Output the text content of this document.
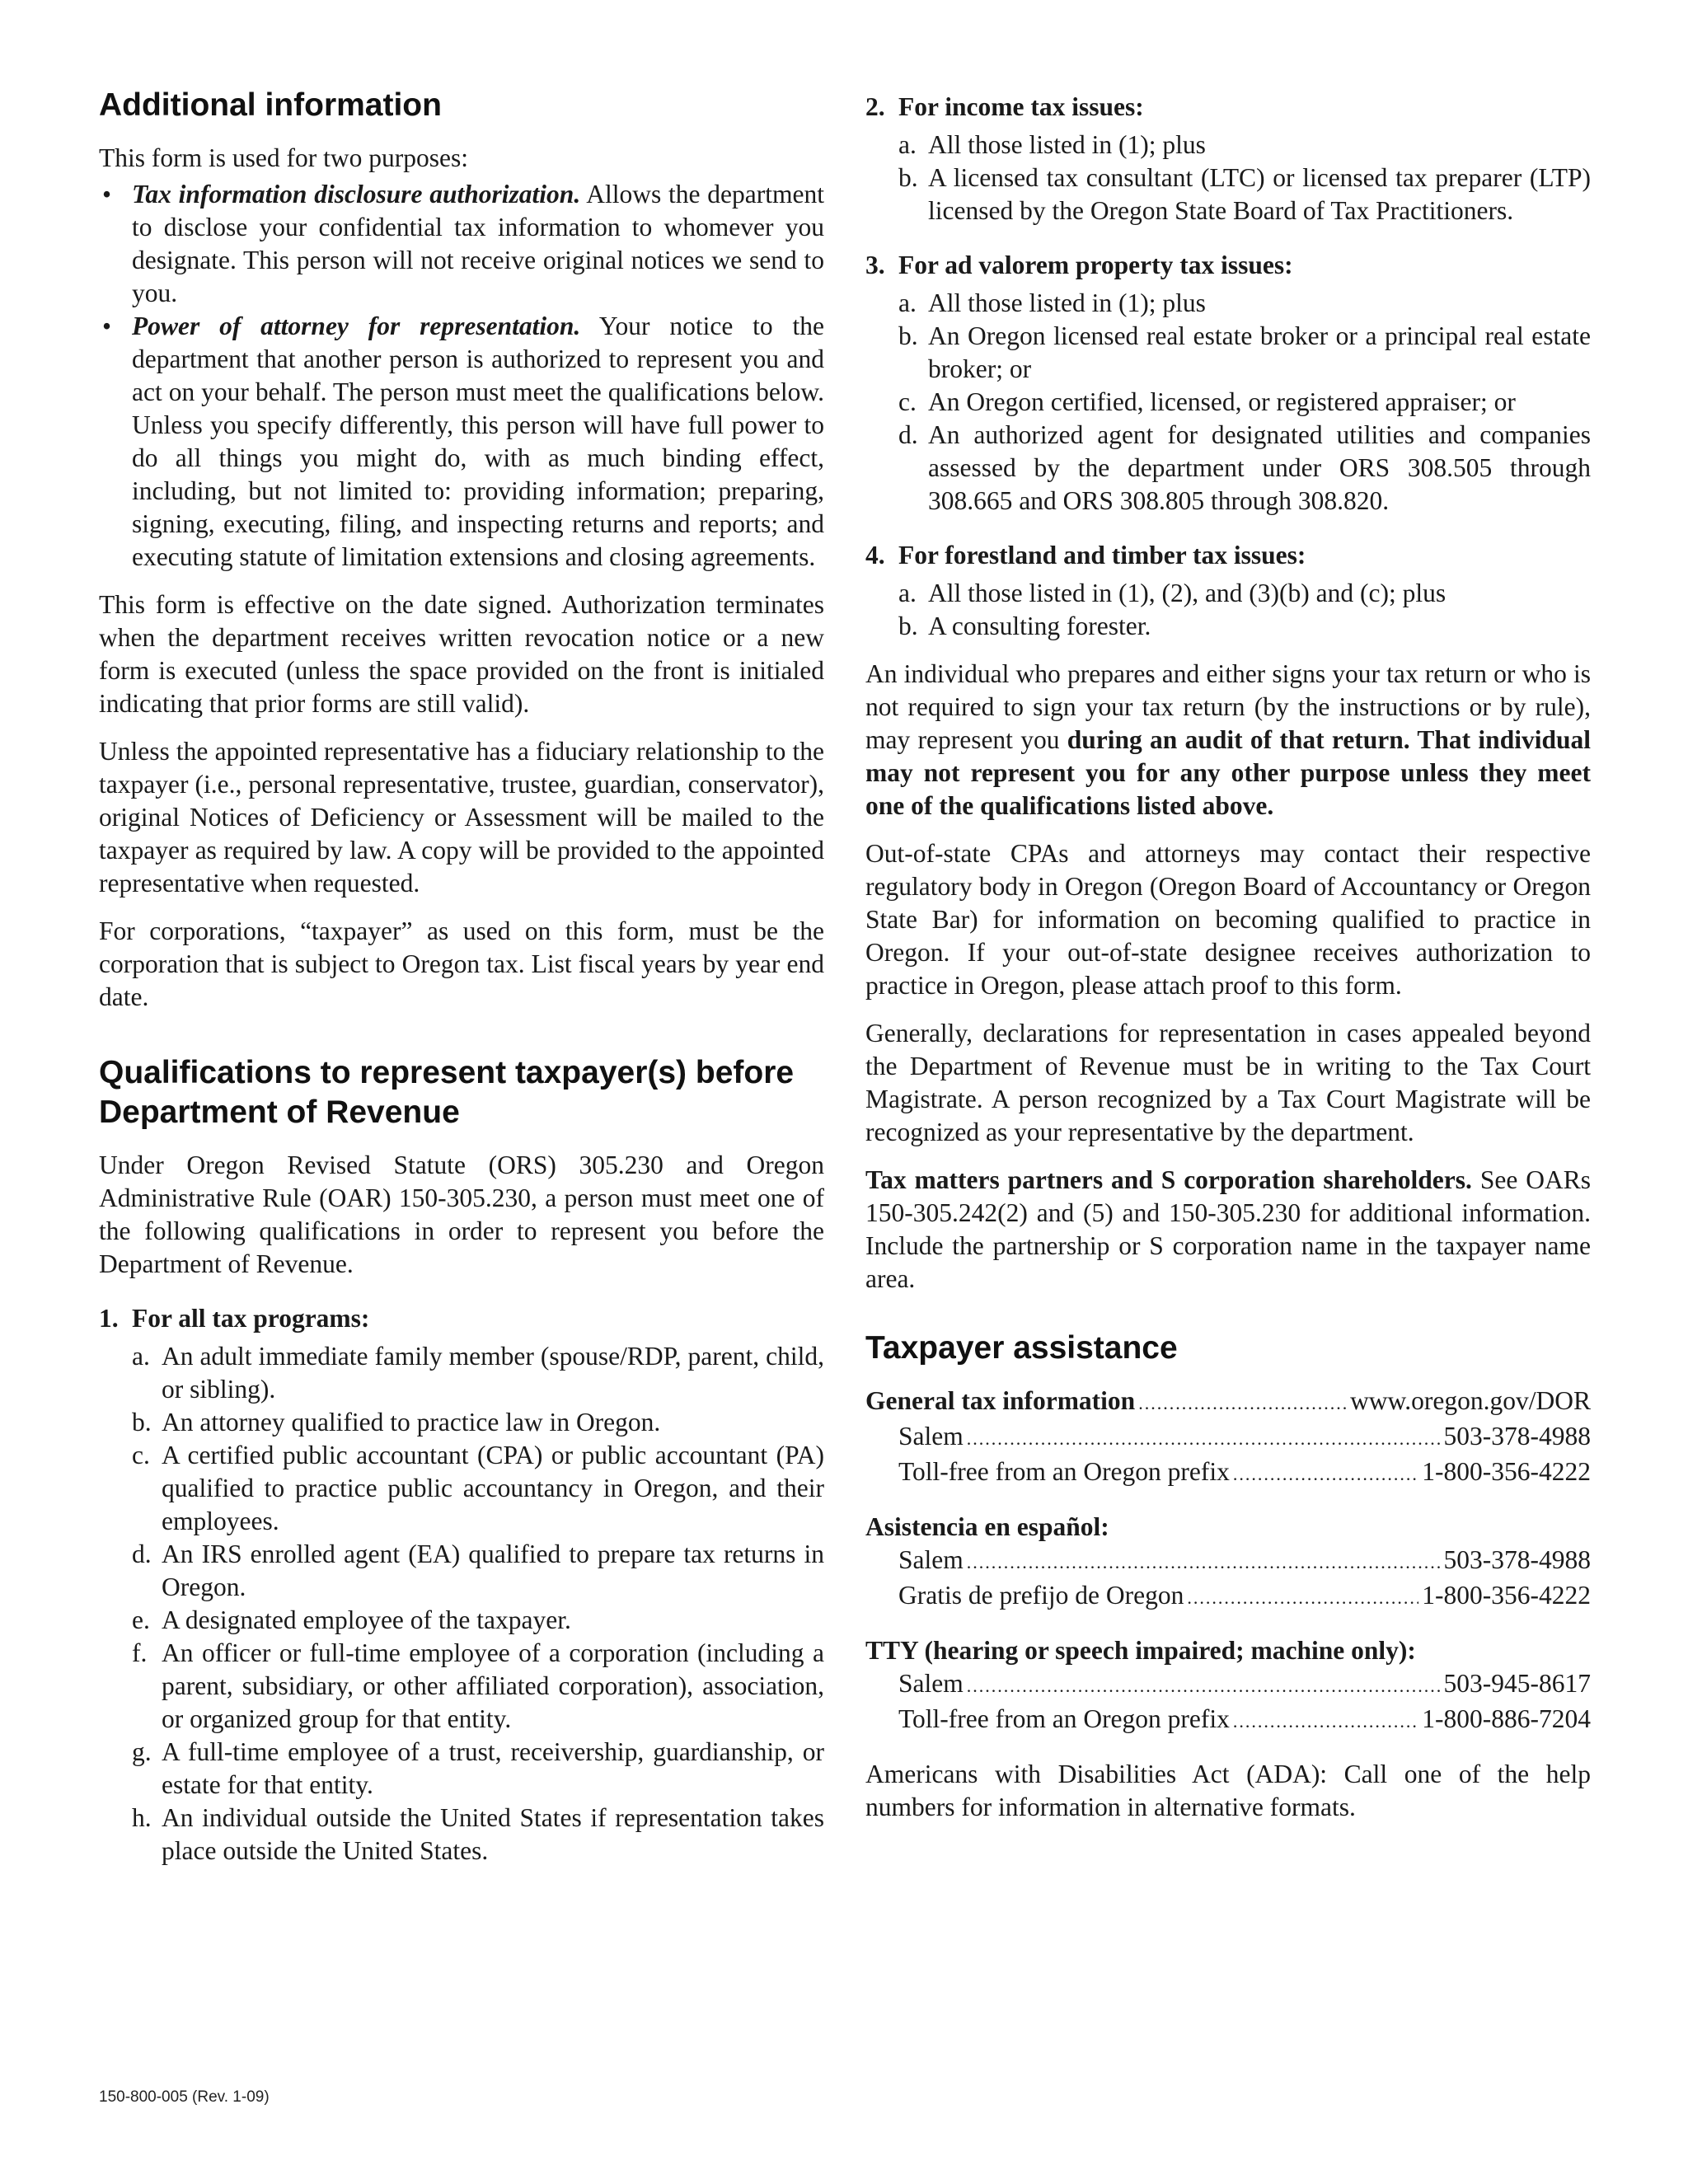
Additional information

This form is used for two purposes:

• Tax information disclosure authorization. Allows the department to disclose your confidential tax information to whomever you designate. This person will not receive original notices we send to you.
• Power of attorney for representation. Your notice to the department that another person is authorized to represent you and act on your behalf. The person must meet the qualifications below. Unless you specify differently, this person will have full power to do all things you might do, with as much binding effect, including, but not limited to: providing information; preparing, signing, executing, filing, and inspecting returns and reports; and executing statute of limitation extensions and closing agreements.

This form is effective on the date signed. Authorization terminates when the department receives written revocation notice or a new form is executed (unless the space provided on the front is initialed indicating that prior forms are still valid).

Unless the appointed representative has a fiduciary relationship to the taxpayer (i.e., personal representative, trustee, guardian, conservator), original Notices of Deficiency or Assessment will be mailed to the taxpayer as required by law. A copy will be provided to the appointed representative when requested.

For corporations, “taxpayer” as used on this form, must be the corporation that is subject to Oregon tax. List fiscal years by year end date.

Qualifications to represent taxpayer(s) before
Department of Revenue

Under Oregon Revised Statute (ORS) 305.230 and Oregon Administrative Rule (OAR) 150-305.230, a person must meet one of the following qualifications in order to represent you before the Department of Revenue.

1. For all tax programs:
a. An adult immediate family member (spouse/RDP, parent, child, or sibling).
b. An attorney qualified to practice law in Oregon.
c. A certified public accountant (CPA) or public accountant (PA) qualified to practice public accountancy in Oregon, and their employees.
d. An IRS enrolled agent (EA) qualified to prepare tax returns in Oregon.
e. A designated employee of the taxpayer.
f. An officer or full-time employee of a corporation (including a parent, subsidiary, or other affiliated corporation), association, or organized group for that entity.
g. A full-time employee of a trust, receivership, guardianship, or estate for that entity.
h. An individual outside the United States if representation takes place outside the United States.
2. For income tax issues:
a. All those listed in (1); plus
b. A licensed tax consultant (LTC) or licensed tax preparer (LTP) licensed by the Oregon State Board of Tax Practitioners.
3. For ad valorem property tax issues:
a. All those listed in (1); plus
b. An Oregon licensed real estate broker or a principal real estate broker; or
c. An Oregon certified, licensed, or registered appraiser; or
d. An authorized agent for designated utilities and companies assessed by the department under ORS 308.505 through 308.665 and ORS 308.805 through 308.820.
4. For forestland and timber tax issues:
a. All those listed in (1), (2), and (3)(b) and (c); plus
b. A consulting forester.

An individual who prepares and either signs your tax return or who is not required to sign your tax return (by the instructions or by rule), may represent you during an audit of that return. That individual may not represent you for any other purpose unless they meet one of the qualifications listed above.

Out-of-state CPAs and attorneys may contact their respective regulatory body in Oregon (Oregon Board of Accountancy or Oregon State Bar) for information on becoming qualified to practice in Oregon. If your out-of-state designee receives authorization to practice in Oregon, please attach proof to this form.

Generally, declarations for representation in cases appealed beyond the Department of Revenue must be in writing to the Tax Court Magistrate. A person recognized by a Tax Court Magistrate will be recognized as your representative by the department.

Tax matters partners and S corporation shareholders. See OARs 150-305.242(2) and (5) and 150-305.230 for additional information. Include the partnership or S corporation name in the taxpayer name area.

Taxpayer assistance
General tax information .....	www.oregon.gov/DOR
Salem .....	503-378-4988
Toll-free from an Oregon prefix .....	1-800-356-4222
Asistencia en español:
Salem .....	503-378-4988
Gratis de prefijo de Oregon .....	1-800-356-4222
TTY (hearing or speech impaired; machine only):
Salem .....	503-945-8617
Toll-free from an Oregon prefix .....	1-800-886-7204

Americans with Disabilities Act (ADA): Call one of the help numbers for information in alternative formats.

150-800-005 (Rev. 1-09)
